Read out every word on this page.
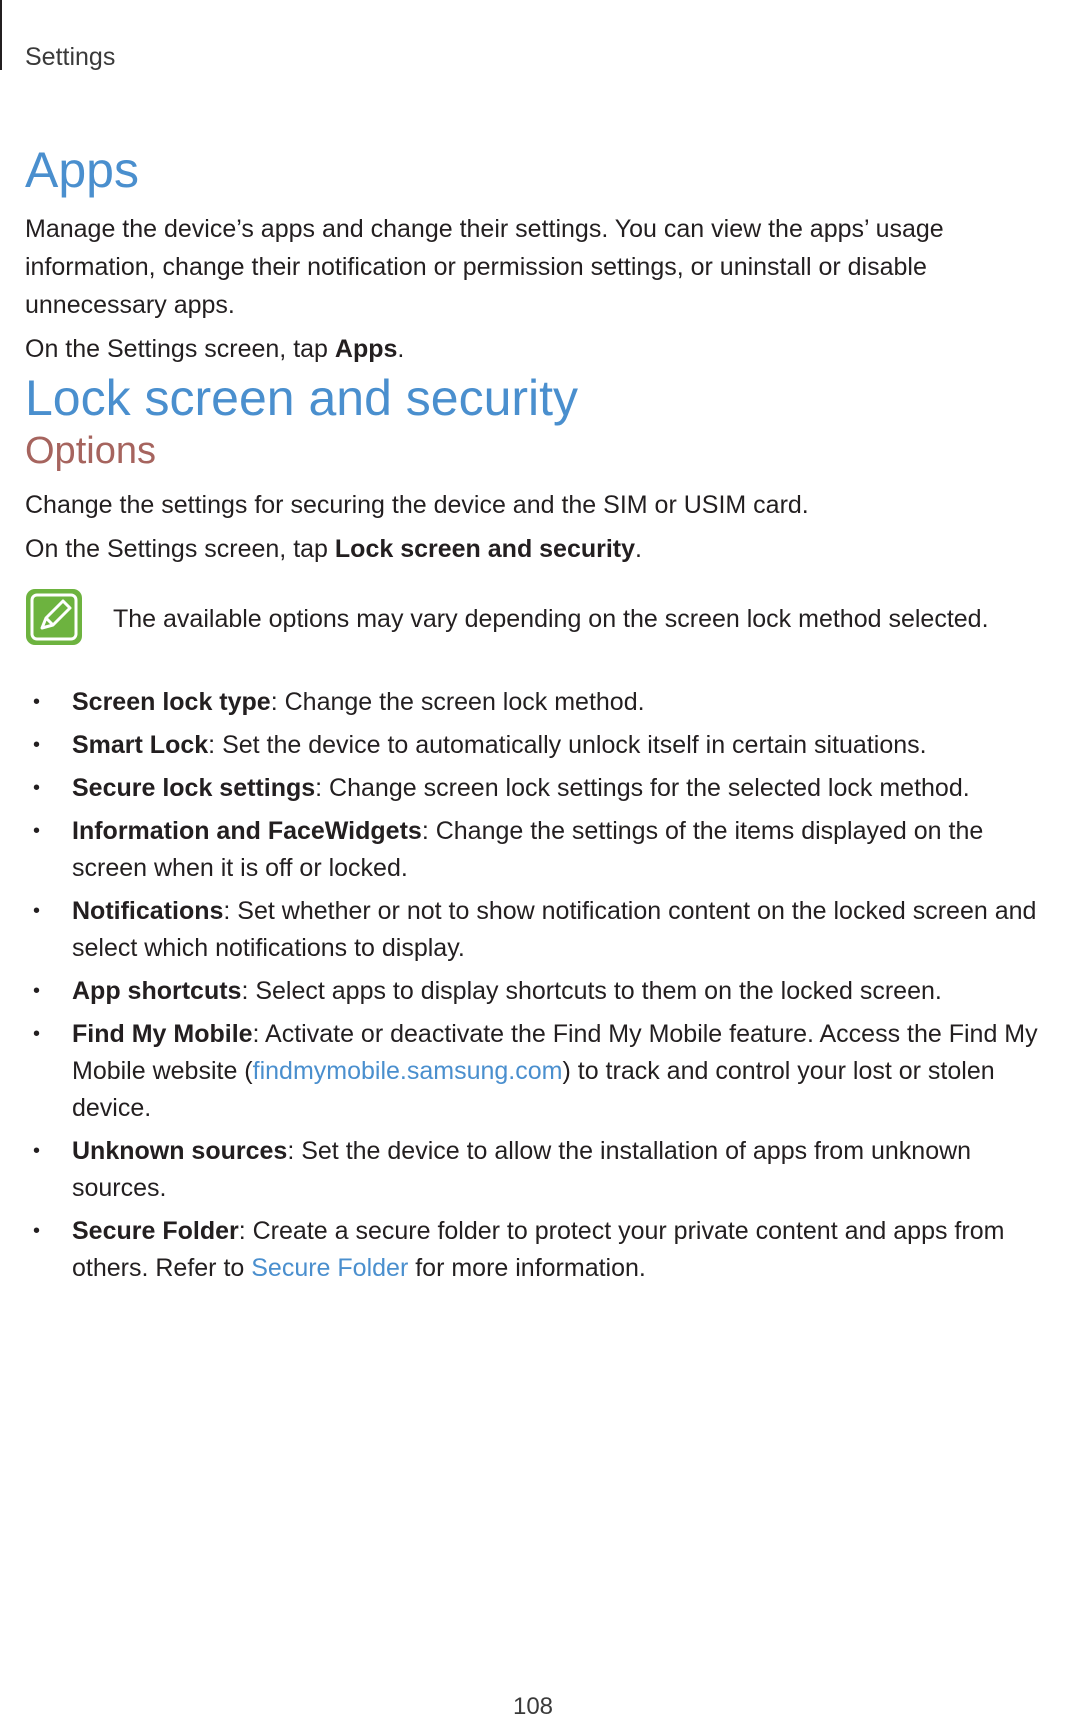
Settings
Apps

Manage the device’s apps and change their settings. You can view the apps’ usage information, change their notification or permission settings, or uninstall or disable unnecessary apps.

On the Settings screen, tap Apps.

Lock screen and security
Options

Change the settings for securing the device and the SIM or USIM card.

On the Settings screen, tap Lock screen and security.

The available options may vary depending on the screen lock method selected.
• Screen lock type: Change the screen lock method.
• Smart Lock: Set the device to automatically unlock itself in certain situations.
• Secure lock settings: Change screen lock settings for the selected lock method.
• Information and FaceWidgets: Change the settings of the items displayed on the screen when it is off or locked.
• Notifications: Set whether or not to show notification content on the locked screen and select which notifications to display.
• App shortcuts: Select apps to display shortcuts to them on the locked screen.
• Find My Mobile: Activate or deactivate the Find My Mobile feature. Access the Find My Mobile website (findmymobile.samsung.com) to track and control your lost or stolen device.
• Unknown sources: Set the device to allow the installation of apps from unknown sources.
• Secure Folder: Create a secure folder to protect your private content and apps from others. Refer to Secure Folder for more information.
108
